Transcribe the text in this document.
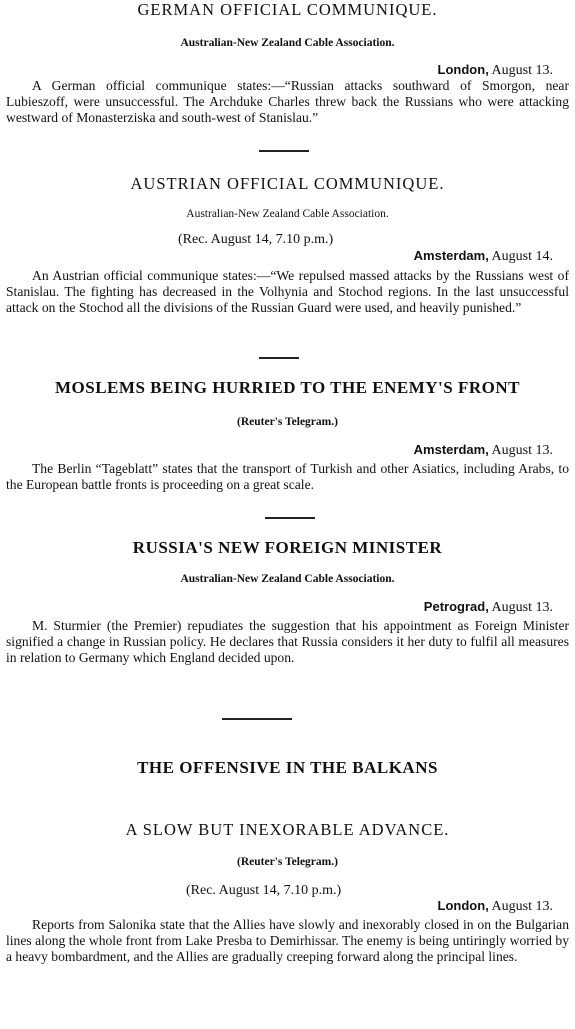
GERMAN OFFICIAL COMMUNIQUE.
Australian-New Zealand Cable Association.
London, August 13.
A German official communique states:—“Russian attacks southward of Smorgon, near Lubieszoff, were unsuccessful. The Archduke Charles threw back the Russians who were attacking westward of Monasterziska and south-west of Stanislau.”
AUSTRIAN OFFICIAL COMMUNIQUE.
Australian-New Zealand Cable Association.
(Rec. August 14, 7.10 p.m.)
Amsterdam, August 14.
An Austrian official communique states:—“We repulsed massed attacks by the Russians west of Stanislau. The fighting has decreased in the Volhynia and Stochod regions. In the last unsuccessful attack on the Stochod all the divisions of the Russian Guard were used, and heavily punished.”
MOSLEMS BEING HURRIED TO THE ENEMY'S FRONT
(Reuter's Telegram.)
Amsterdam, August 13.
The Berlin “Tageblatt” states that the transport of Turkish and other Asiatics, including Arabs, to the European battle fronts is proceeding on a great scale.
RUSSIA'S NEW FOREIGN MINISTER
Australian-New Zealand Cable Association.
Petrograd, August 13.
M. Sturmier (the Premier) repudiates the suggestion that his appointment as Foreign Minister signified a change in Russian policy. He declares that Russia considers it her duty to fulfil all measures in relation to Germany which England decided upon.
THE OFFENSIVE IN THE BALKANS
A SLOW BUT INEXORABLE ADVANCE.
(Reuter's Telegram.)
(Rec. August 14, 7.10 p.m.)
London, August 13.
Reports from Salonika state that the Allies have slowly and inexorably closed in on the Bulgarian lines along the whole front from Lake Presba to Demirhissar. The enemy is being untiringly worried by a heavy bombardment, and the Allies are gradually creeping forward along the principal lines.
